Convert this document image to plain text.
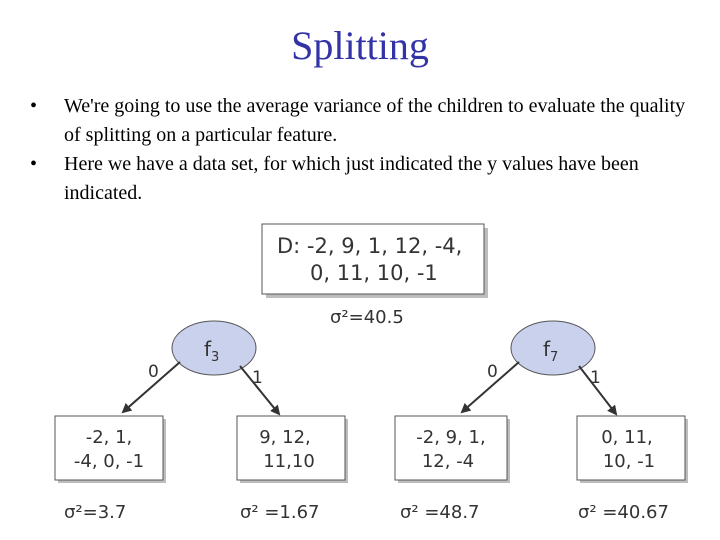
Splitting
• We're going to use the average variance of the children to evaluate the quality of splitting on a particular feature.
• Here we have a data set, for which just indicated the y values have been indicated.
D: -2, 9, 1, 12, -4,
0, 11, 10, -1
σ²=40.5
$f_3$
0	1
-2, 1,
-4, 0, -1
σ²=3.7
9, 12,
11,10
σ² =1.67
$f_7$
0	1
-2, 9, 1,
12, -4
σ² =48.7
0, 11,
10, -1
σ² =40.67
